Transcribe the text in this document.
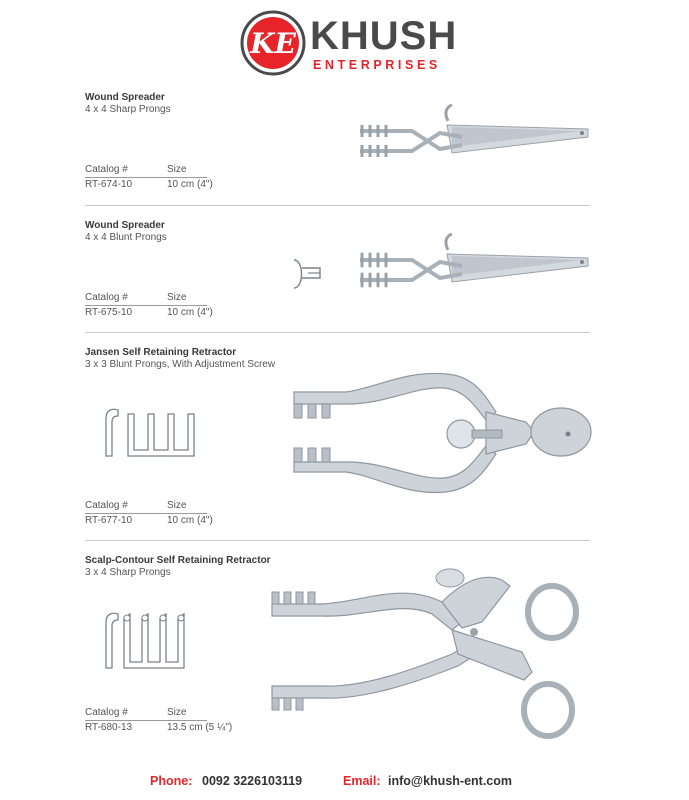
KE KHUSH
ENTERPRISES
Wound Spreader
4 x 4 Sharp Prongs
Catalog #	Size
RT-674-10	10 cm (4")
Wound Spreader
4 x 4 Blunt Prongs
Catalog #	Size
RT-675-10	10 cm (4")
Jansen Self Retaining Retractor
3 x 3 Blunt Prongs, With Adjustment Screw
Catalog #	Size
RT-677-10	10 cm (4")
Scalp-Contour Self Retaining Retractor
3 x 4 Sharp Prongs
Catalog #	Size
RT-680-13	13.5 cm (5 ¼")
Phone: 0092 3226103119	Email: info@khush-ent.com
